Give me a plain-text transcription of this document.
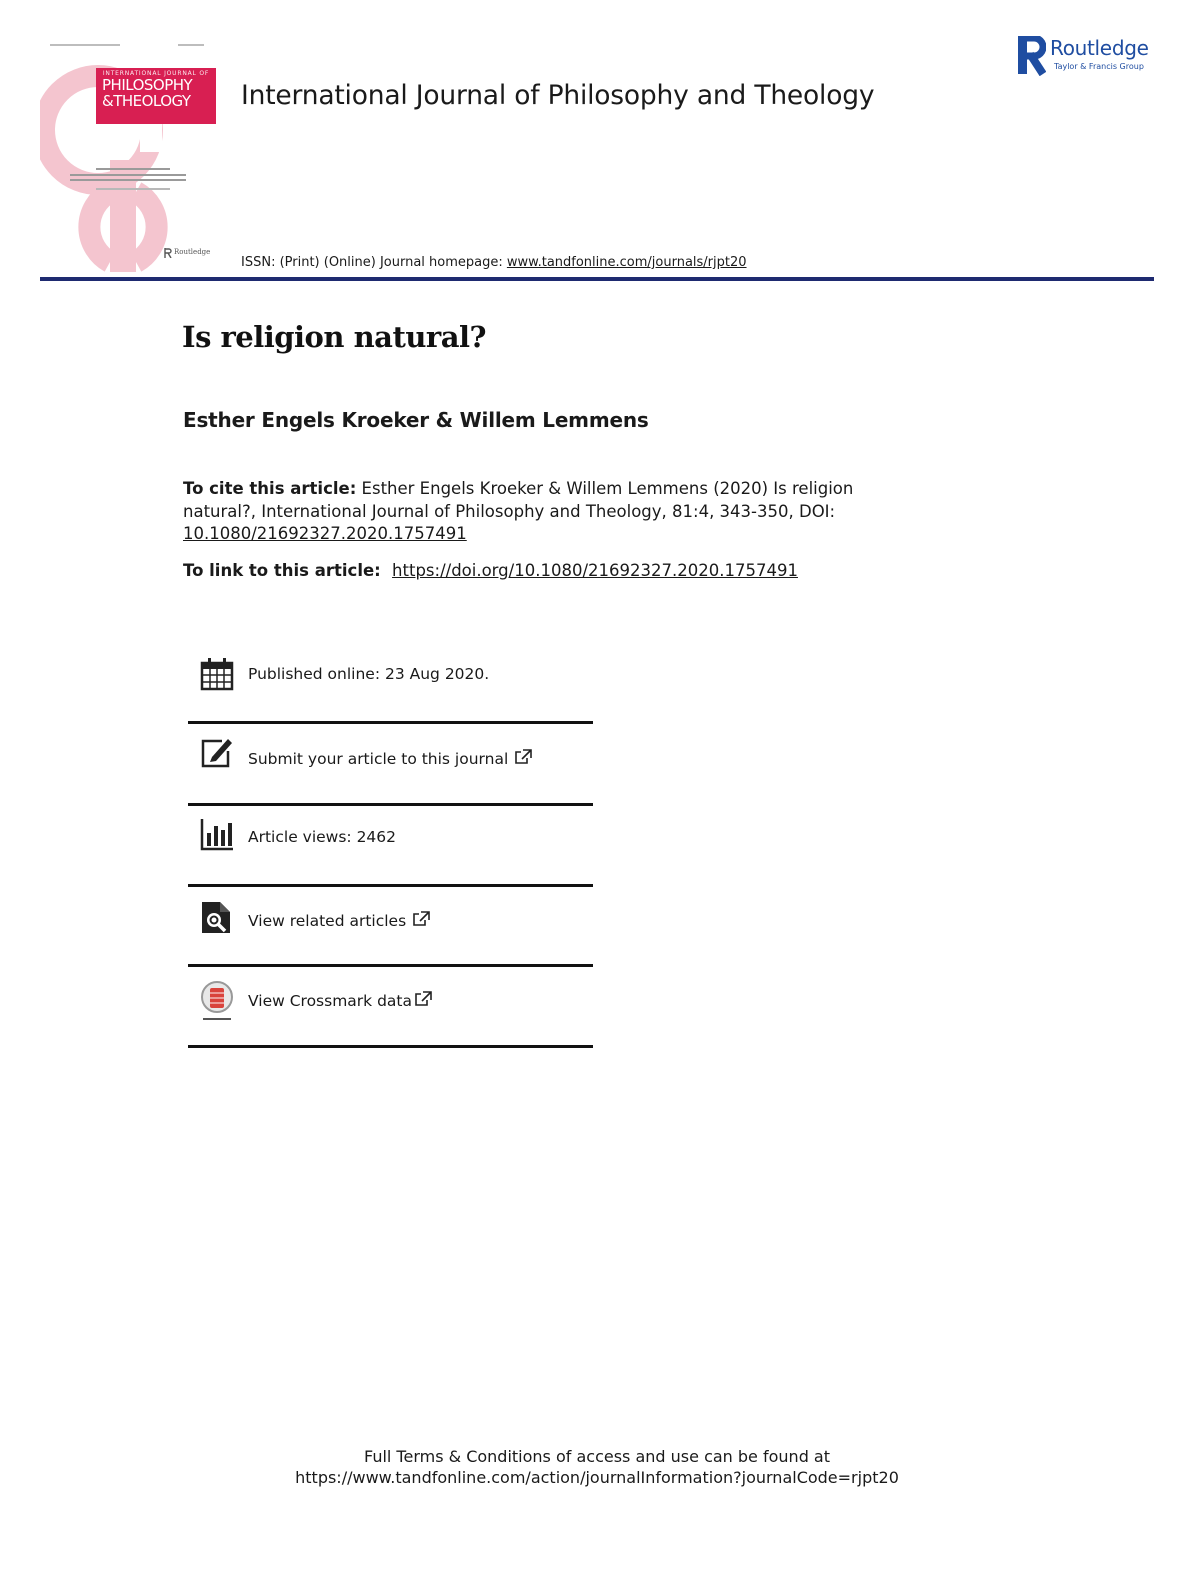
INTERNATIONAL JOURNAL OF
PHILOSOPHY
&THEOLOGY
Routledge
International Journal of Philosophy and Theology
ISSN: (Print) (Online) Journal homepage: www.tandfonline.com/journals/rjpt20
Routledge
Taylor & Francis Group
Is religion natural?
Esther Engels Kroeker & Willem Lemmens
To cite this article: Esther Engels Kroeker & Willem Lemmens (2020) Is religion natural?, International Journal of Philosophy and Theology, 81:4, 343-350, DOI:
10.1080/21692327.2020.1757491
To link to this article: https://doi.org/10.1080/21692327.2020.1757491
Published online: 23 Aug 2020.
Submit your article to this journal
Article views: 2462
View related articles
View Crossmark data
Full Terms & Conditions of access and use can be found at
https://www.tandfonline.com/action/journalInformation?journalCode=rjpt20
